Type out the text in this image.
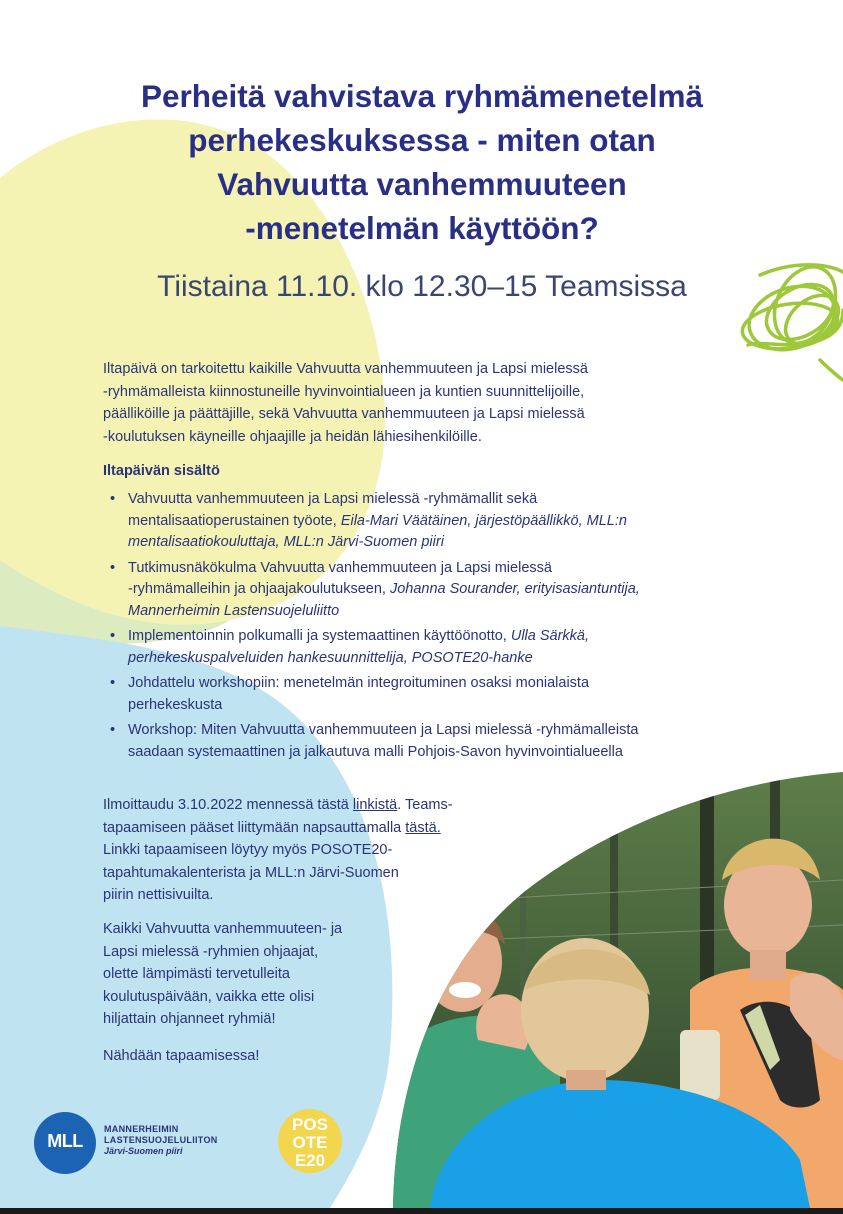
Perheitä vahvistava ryhmämenetelmä
perhekeskuksessa - miten otan
Vahvuutta vanhemmuuteen
-menetelmän käyttöön?
Tiistaina 11.10. klo 12.30–15 Teamsissa

Iltapäivä on tarkoitettu kaikille Vahvuutta vanhemmuuteen ja Lapsi mielessä
-ryhmämalleista kiinnostuneille hyvinvointialueen ja kuntien suunnittelijoille,
päälliköille ja päättäjille, sekä Vahvuutta vanhemmuuteen ja Lapsi mielessä
-koulutuksen käyneille ohjaajille ja heidän lähiesihenkilöille.

Iltapäivän sisältö
• Vahvuutta vanhemmuuteen ja Lapsi mielessä -ryhmämallit sekä
mentalisaatioperustainen työote, Eila-Mari Väätäinen, järjestöpäällikkö, MLL:n
mentalisaatiokouluttaja, MLL:n Järvi-Suomen piiri
• Tutkimusnäkökulma Vahvuutta vanhemmuuteen ja Lapsi mielessä
-ryhmämalleihin ja ohjaajakoulutukseen, Johanna Sourander, erityisasiantuntija,
Mannerheimin Lastensuojeluliitto
• Implementoinnin polkumalli ja systemaattinen käyttöönotto, Ulla Särkkä,
perhekeskuspalveluiden hankesuunnittelija, POSOTE20-hanke
• Johdattelu workshopiin: menetelmän integroituminen osaksi monialaista
perhekeskusta
• Workshop: Miten Vahvuutta vanhemmuuteen ja Lapsi mielessä -ryhmämalleista
saadaan systemaattinen ja jalkautuva malli Pohjois-Savon hyvinvointialueella

Ilmoittaudu 3.10.2022 mennessä tästä linkistä. Teams-
tapaamiseen pääset liittymään napsauttamalla tästä.
Linkki tapaamiseen löytyy myös POSOTE20-
tapahtumakalenterista ja MLL:n Järvi-Suomen
piirin nettisivuilta.

Kaikki Vahvuutta vanhemmuuteen- ja
Lapsi mielessä -ryhmien ohjaajat,
olette lämpimästi tervetulleita
koulutuspäivään, vaikka ette olisi
hiljattain ohjanneet ryhmiä!

Nähdään tapaamisessa!

MLL
MANNERHEIMIN
LASTENSUOJELULIITON
Järvi-Suomen piiri
POS
OTE
E20
